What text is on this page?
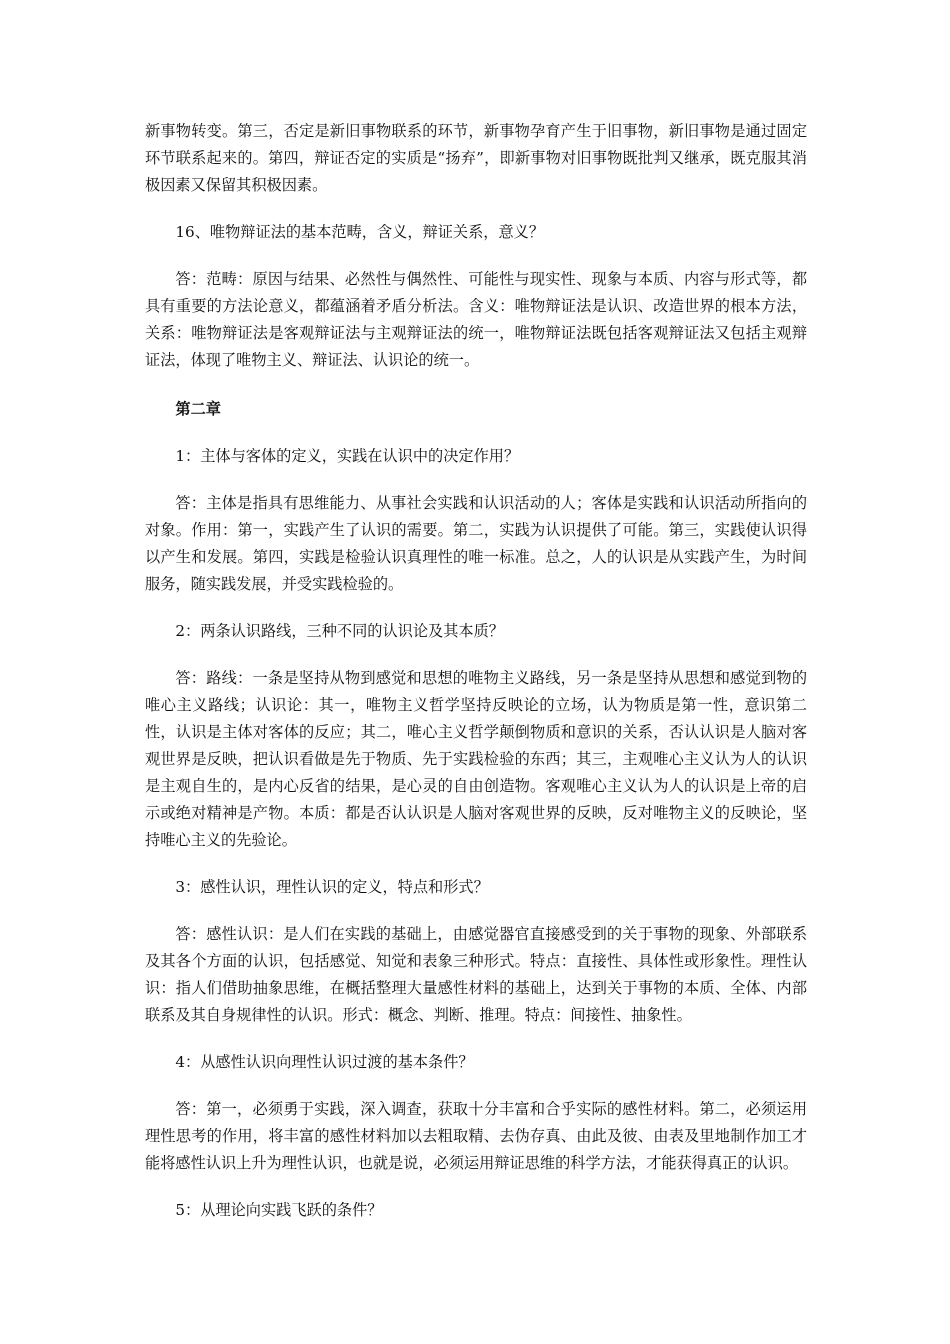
新事物转变。第三，否定是新旧事物联系的环节，新事物孕育产生于旧事物，新旧事物是通过固定环节联系起来的。第四，辩证否定的实质是“扬弃”，即新事物对旧事物既批判又继承，既克服其消极因素又保留其积极因素。

16、唯物辩证法的基本范畴，含义，辩证关系，意义？

答：范畴：原因与结果、必然性与偶然性、可能性与现实性、现象与本质、内容与形式等，都具有重要的方法论意义，都蕴涵着矛盾分析法。含义：唯物辩证法是认识、改造世界的根本方法，关系：唯物辩证法是客观辩证法与主观辩证法的统一，唯物辩证法既包括客观辩证法又包括主观辩证法，体现了唯物主义、辩证法、认识论的统一。

第二章

1：主体与客体的定义，实践在认识中的决定作用？

答：主体是指具有思维能力、从事社会实践和认识活动的人；客体是实践和认识活动所指向的对象。作用：第一，实践产生了认识的需要。第二，实践为认识提供了可能。第三，实践使认识得以产生和发展。第四，实践是检验认识真理性的唯一标准。总之，人的认识是从实践产生，为时间服务，随实践发展，并受实践检验的。

2：两条认识路线，三种不同的认识论及其本质？

答：路线：一条是坚持从物到感觉和思想的唯物主义路线，另一条是坚持从思想和感觉到物的唯心主义路线；认识论：其一，唯物主义哲学坚持反映论的立场，认为物质是第一性，意识第二性，认识是主体对客体的反应；其二，唯心主义哲学颠倒物质和意识的关系，否认认识是人脑对客观世界是反映，把认识看做是先于物质、先于实践检验的东西；其三，主观唯心主义认为人的认识是主观自生的，是内心反省的结果，是心灵的自由创造物。客观唯心主义认为人的认识是上帝的启示或绝对精神是产物。本质：都是否认认识是人脑对客观世界的反映，反对唯物主义的反映论，坚持唯心主义的先验论。

3：感性认识，理性认识的定义，特点和形式？

答：感性认识：是人们在实践的基础上，由感觉器官直接感受到的关于事物的现象、外部联系及其各个方面的认识，包括感觉、知觉和表象三种形式。特点：直接性、具体性或形象性。理性认识：指人们借助抽象思维，在概括整理大量感性材料的基础上，达到关于事物的本质、全体、内部联系及其自身规律性的认识。形式：概念、判断、推理。特点：间接性、抽象性。

4：从感性认识向理性认识过渡的基本条件？

答：第一，必须勇于实践，深入调查，获取十分丰富和合乎实际的感性材料。第二，必须运用理性思考的作用，将丰富的感性材料加以去粗取精、去伪存真、由此及彼、由表及里地制作加工才能将感性认识上升为理性认识，也就是说，必须运用辩证思维的科学方法，才能获得真正的认识。

5：从理论向实践飞跃的条件？
